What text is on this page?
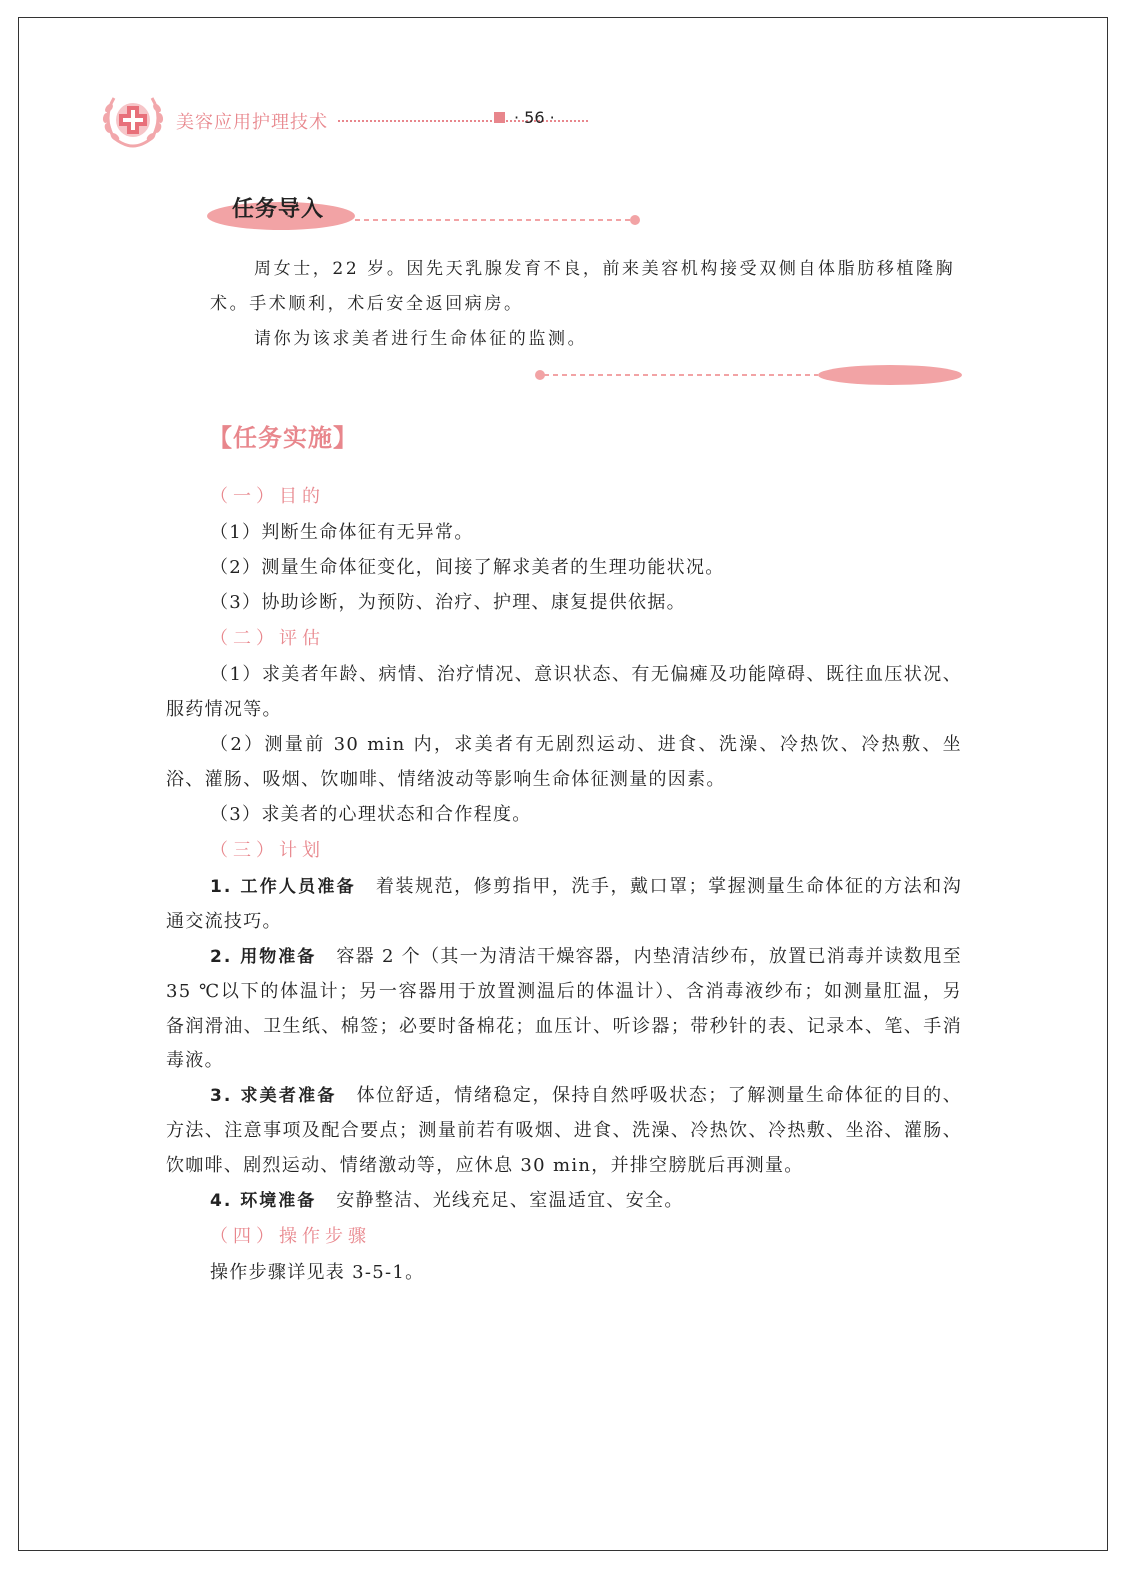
美容应用护理技术	· 56 ·
任务导入

周女士，22 岁。因先天乳腺发育不良，前来美容机构接受双侧自体脂肪移植隆胸术。手术顺利，术后安全返回病房。

请你为该求美者进行生命体征的监测。

【任务实施】

（一）目的

（1）判断生命体征有无异常。

（2）测量生命体征变化，间接了解求美者的生理功能状况。

（3）协助诊断，为预防、治疗、护理、康复提供依据。

（二）评估

（1）求美者年龄、病情、治疗情况、意识状态、有无偏瘫及功能障碍、既往血压状况、服药情况等。

（2）测量前 30 min 内，求美者有无剧烈运动、进食、洗澡、冷热饮、冷热敷、坐浴、灌肠、吸烟、饮咖啡、情绪波动等影响生命体征测量的因素。

（3）求美者的心理状态和合作程度。

（三）计划

1. 工作人员准备 着装规范，修剪指甲，洗手，戴口罩；掌握测量生命体征的方法和沟通交流技巧。

2. 用物准备 容器 2 个（其一为清洁干燥容器，内垫清洁纱布，放置已消毒并读数甩至 35 ℃以下的体温计；另一容器用于放置测温后的体温计）、含消毒液纱布；如测量肛温，另备润滑油、卫生纸、棉签；必要时备棉花；血压计、听诊器；带秒针的表、记录本、笔、手消毒液。

3. 求美者准备 体位舒适，情绪稳定，保持自然呼吸状态；了解测量生命体征的目的、方法、注意事项及配合要点；测量前若有吸烟、进食、洗澡、冷热饮、冷热敷、坐浴、灌肠、饮咖啡、剧烈运动、情绪激动等，应休息 30 min，并排空膀胱后再测量。

4. 环境准备 安静整洁、光线充足、室温适宜、安全。

（四）操作步骤

操作步骤详见表 3-5-1。
